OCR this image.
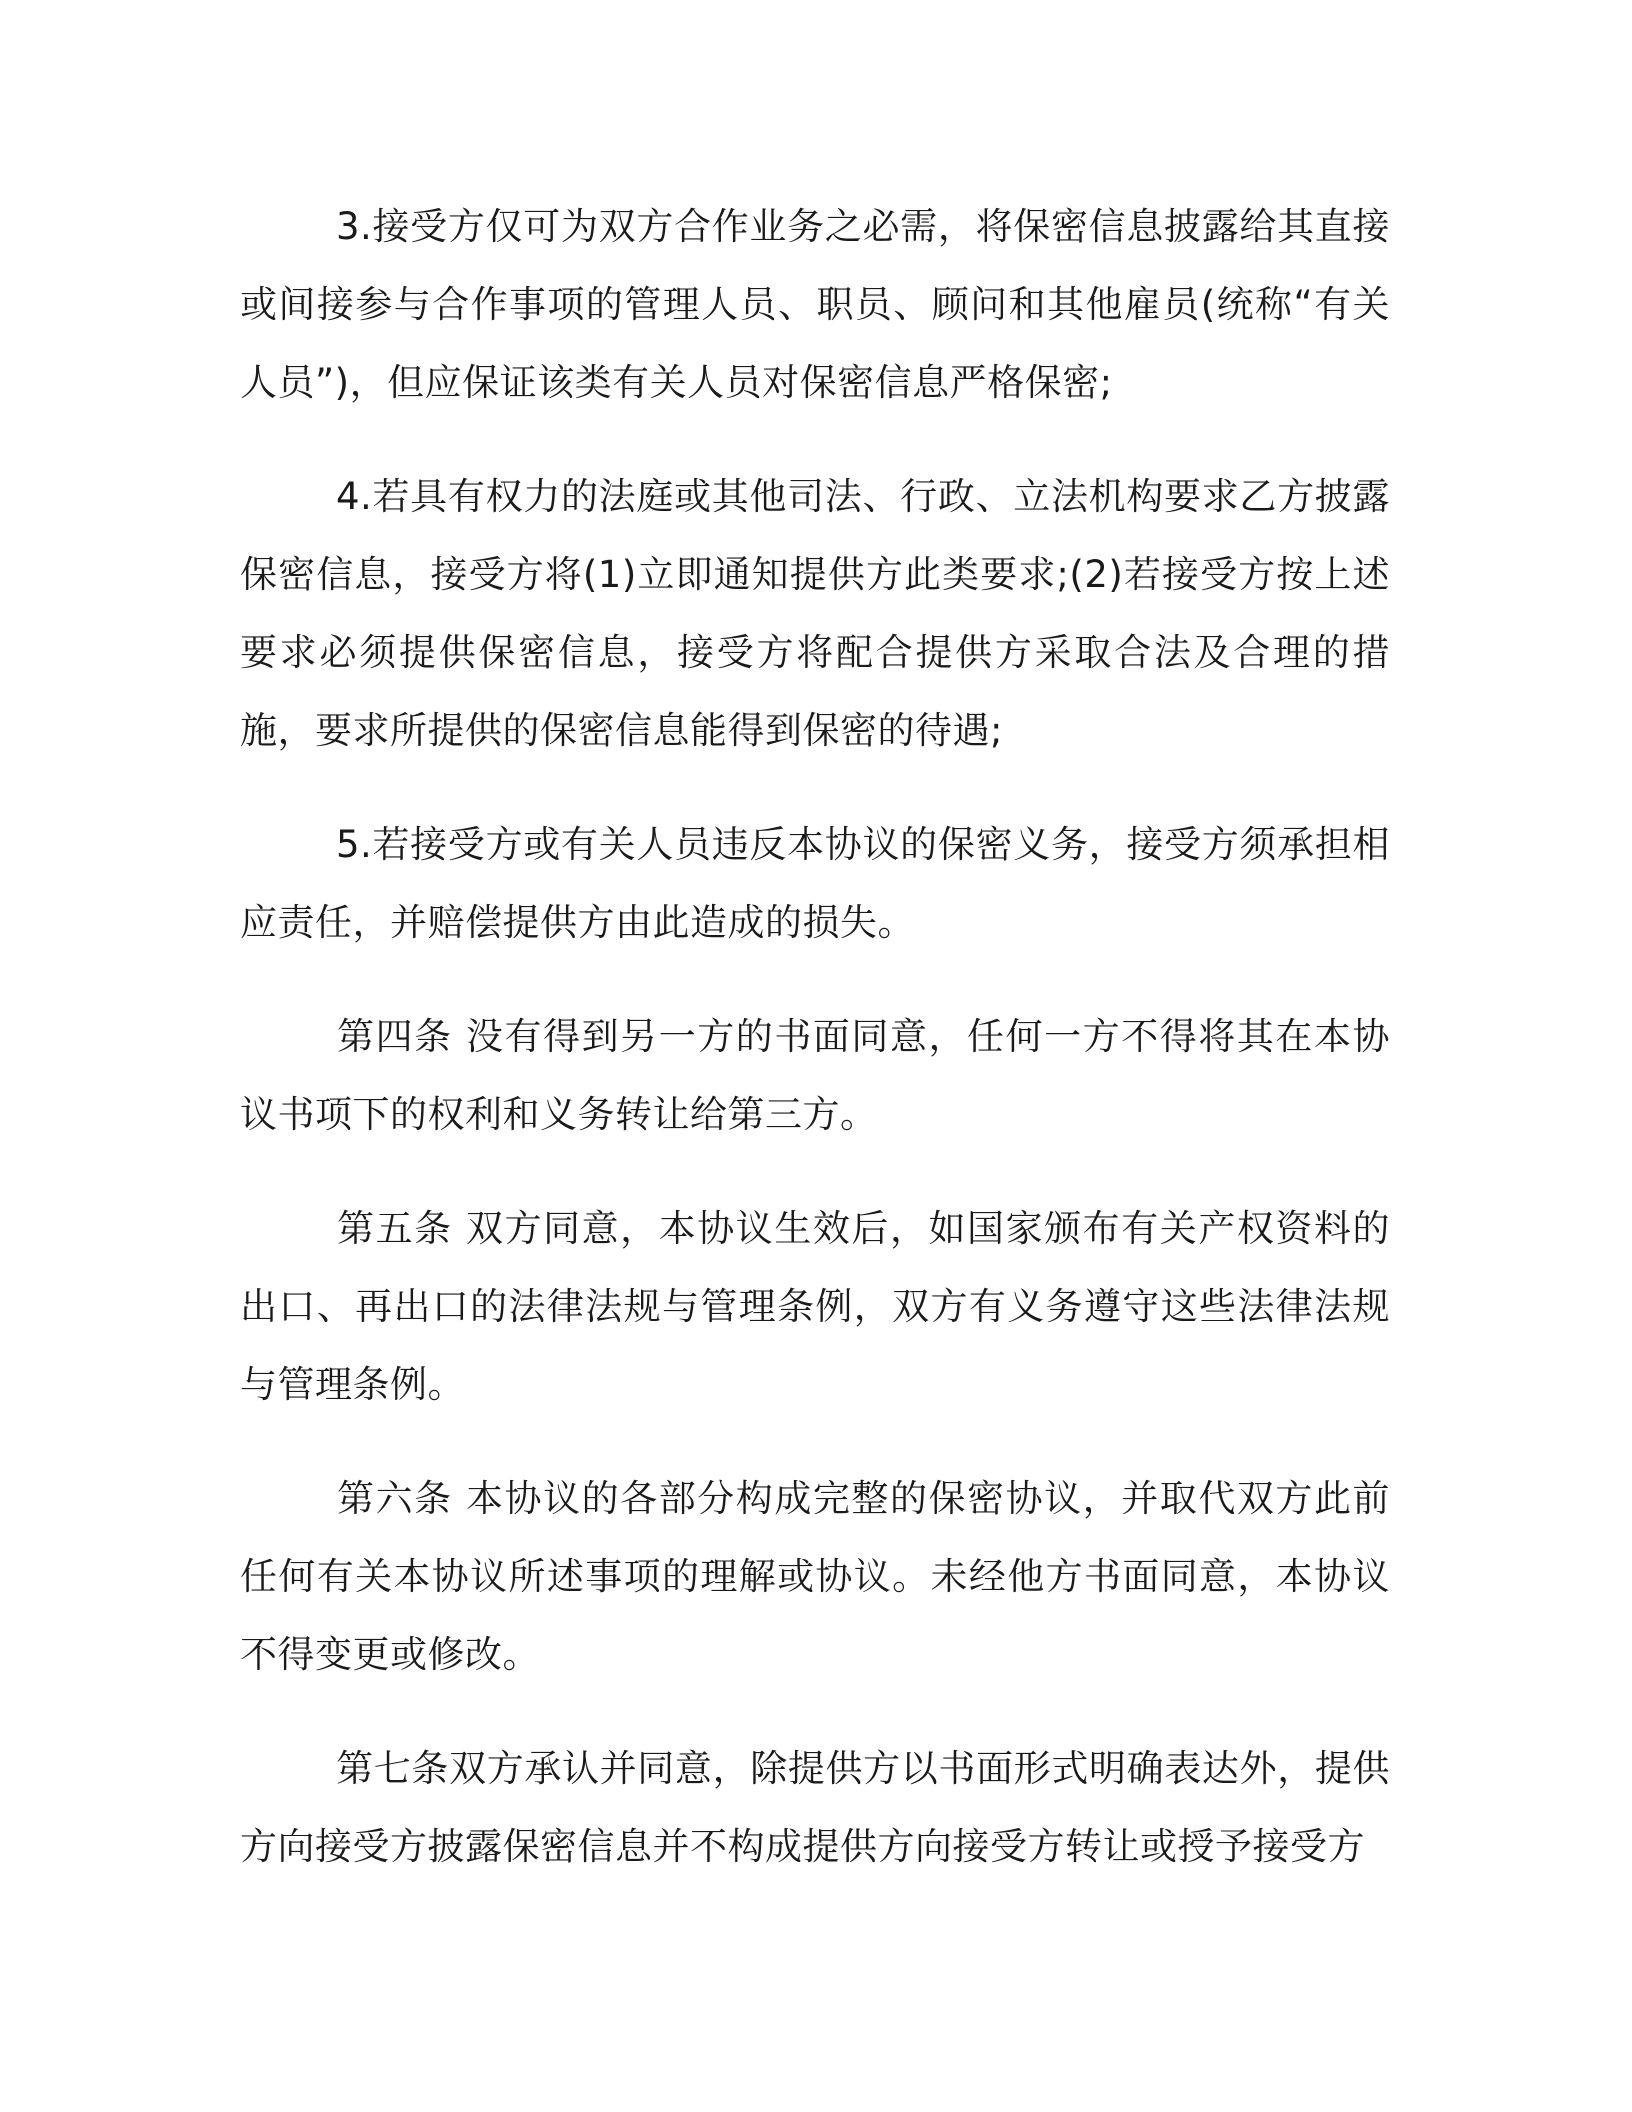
3.接受方仅可为双方合作业务之必需，将保密信息披露给其直接或间接参与合作事项的管理人员、职员、顾问和其他雇员(统称“有关人员”)，但应保证该类有关人员对保密信息严格保密;

4.若具有权力的法庭或其他司法、行政、立法机构要求乙方披露保密信息，接受方将(1)立即通知提供方此类要求;(2)若接受方按上述要求必须提供保密信息，接受方将配合提供方采取合法及合理的措施，要求所提供的保密信息能得到保密的待遇;

5.若接受方或有关人员违反本协议的保密义务，接受方须承担相应责任，并赔偿提供方由此造成的损失。

第四条 没有得到另一方的书面同意，任何一方不得将其在本协议书项下的权利和义务转让给第三方。

第五条 双方同意，本协议生效后，如国家颁布有关产权资料的出口、再出口的法律法规与管理条例，双方有义务遵守这些法律法规与管理条例。

第六条 本协议的各部分构成完整的保密协议，并取代双方此前任何有关本协议所述事项的理解或协议。未经他方书面同意，本协议不得变更或修改。

第七条双方承认并同意，除提供方以书面形式明确表达外，提供方向接受方披露保密信息并不构成提供方向接受方转让或授予接受方
